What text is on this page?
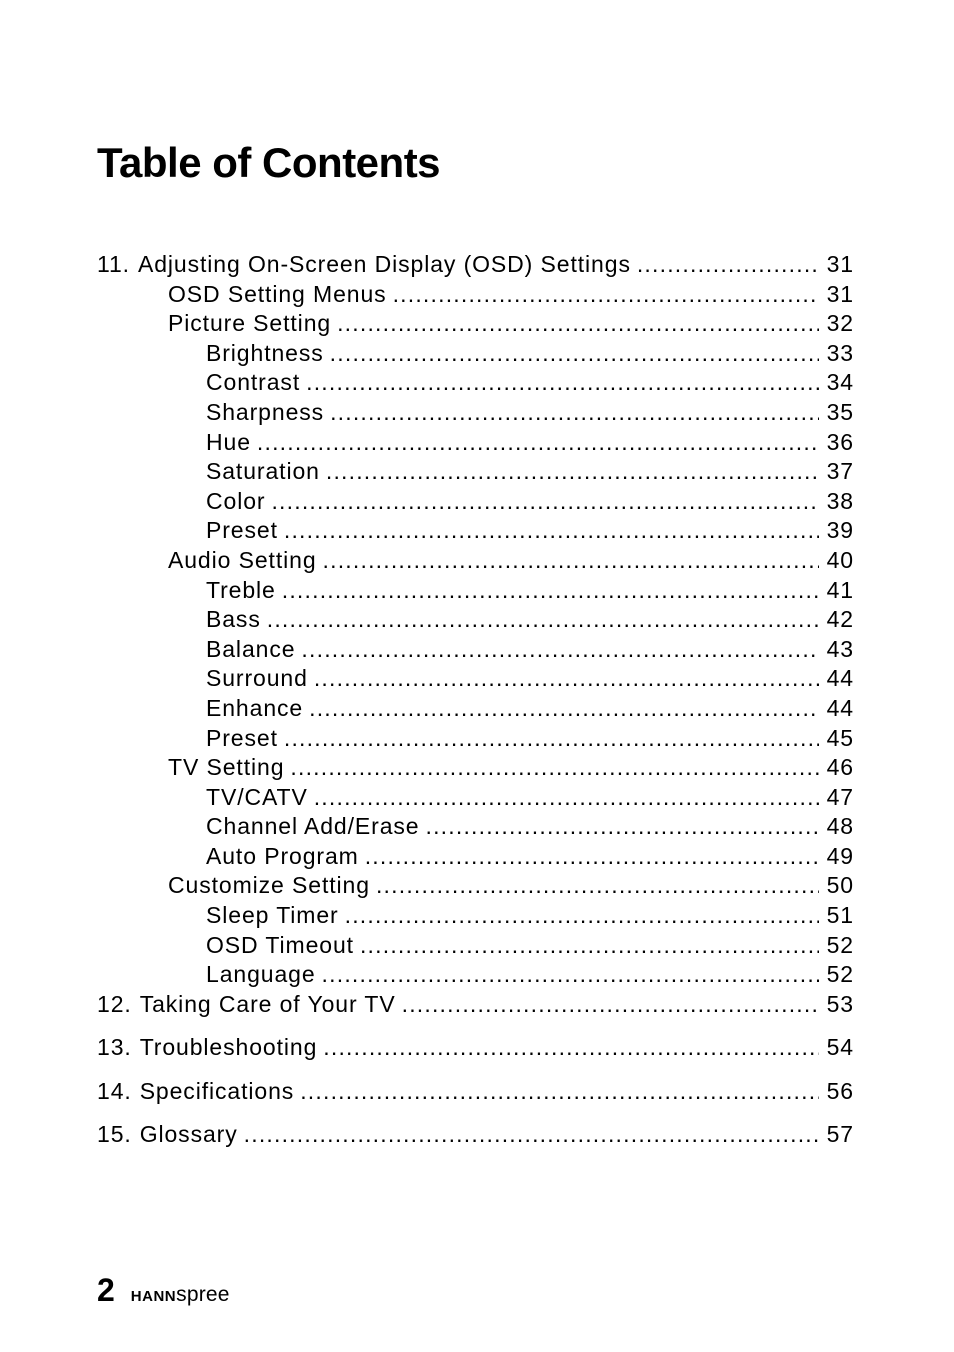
Table of Contents
11. Adjusting On-Screen Display (OSD) Settings .....	31
OSD Setting Menus .....	31
Picture Setting .....	32
Brightness .....	33
Contrast .....	34
Sharpness .....	35
Hue .....	36
Saturation .....	37
Color .....	38
Preset .....	39
Audio Setting .....	40
Treble .....	41
Bass .....	42
Balance .....	43
Surround .....	44
Enhance .....	44
Preset .....	45
TV Setting .....	46
TV/CATV .....	47
Channel Add/Erase .....	48
Auto Program .....	49
Customize Setting .....	50
Sleep Timer .....	51
OSD Timeout .....	52
Language .....	52
12. Taking Care of Your TV .....	53
13. Troubleshooting .....	54
14. Specifications .....	56
15. Glossary .....	57
2 HANNspree
